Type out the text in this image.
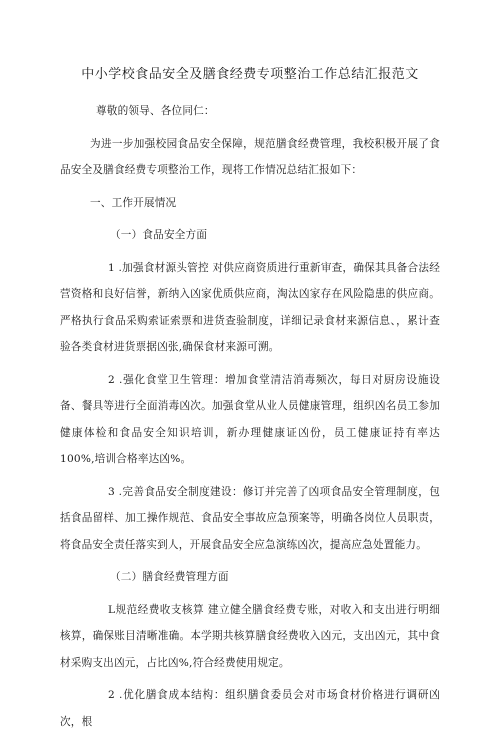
中小学校食品安全及膳食经费专项整治工作总结汇报范文

尊敬的领导、各位同仁：

为进一步加强校园食品安全保障，规范膳食经费管理，我校积极开展了食品安全及膳食经费专项整治工作，现将工作情况总结汇报如下：

一、工作开展情况

（一）食品安全方面

1 .加强食材源头管控 对供应商资质进行重新审查，确保其具备合法经营资格和良好信誉，新纳入凶家优质供应商，淘汰凶家存在风险隐患的供应商。严格执行食品采购索证索票和进货查验制度，详细记录食材来源信息、，累计查验各类食材进货票据凶张,确保食材来源可溯。

2 .强化食堂卫生管理：增加食堂清洁消毒频次，每日对厨房设施设备、餐具等进行全面消毒凶次。加强食堂从业人员健康管理，组织凶名员工参加健康体检和食品安全知识培训，新办理健康证凶份，员工健康证持有率达100%,培训合格率达凶%。

3 .完善食品安全制度建设：修订并完善了凶项食品安全管理制度，包括食品留样、加工操作规范、食品安全事故应急预案等，明确各岗位人员职责，将食品安全责任落实到人，开展食品安全应急演练凶次，提高应急处置能力。

（二）膳食经费管理方面

L规范经费收支核算 建立健全膳食经费专账，对收入和支出进行明细核算，确保账目清晰准确。本学期共核算膳食经费收入凶元，支出凶元，其中食材采购支出凶元，占比凶%,符合经费使用规定。

2 .优化膳食成本结构：组织膳食委员会对市场食材价格进行调研凶次，根
